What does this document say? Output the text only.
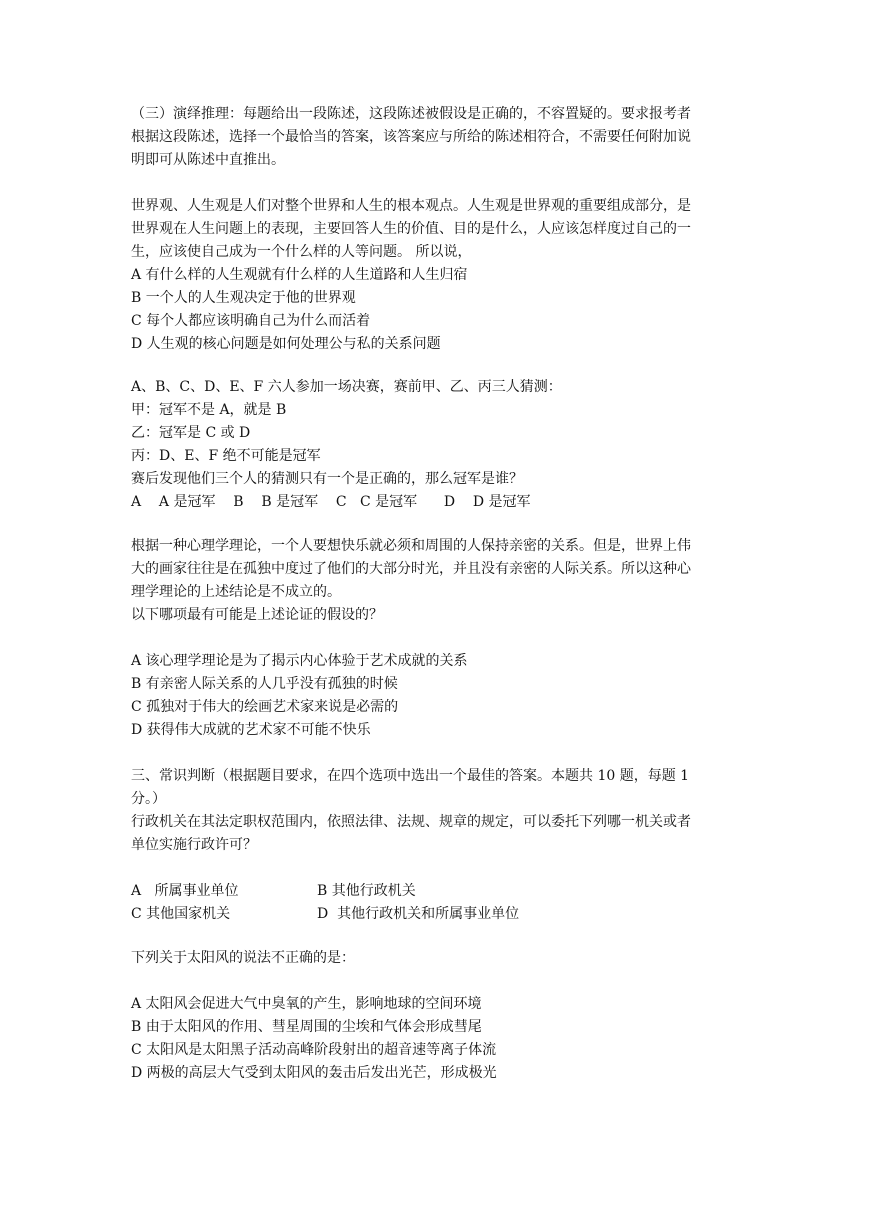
（三）演绎推理：每题给出一段陈述，这段陈述被假设是正确的，不容置疑的。要求报考者
根据这段陈述，选择一个最恰当的答案，该答案应与所给的陈述相符合，不需要任何附加说
明即可从陈述中直推出。
世界观、人生观是人们对整个世界和人生的根本观点。人生观是世界观的重要组成部分，是
世界观在人生问题上的表现，主要回答人生的价值、目的是什么，人应该怎样度过自己的一
生，应该使自己成为一个什么样的人等问题。 所以说，
A 有什么样的人生观就有什么样的人生道路和人生归宿
B 一个人的人生观决定于他的世界观
C 每个人都应该明确自己为什么而活着
D 人生观的核心问题是如何处理公与私的关系问题
A、B、C、D、E、F 六人参加一场决赛，赛前甲、乙、丙三人猜测：
甲：冠军不是 A，就是 B
乙：冠军是 C 或 D
丙：D、E、F 绝不可能是冠军
赛后发现他们三个人的猜测只有一个是正确的，那么冠军是谁？
A    A 是冠军    B    B 是冠军    C   C 是冠军      D    D 是冠军
根据一种心理学理论，一个人要想快乐就必须和周围的人保持亲密的关系。但是，世界上伟
大的画家往往是在孤独中度过了他们的大部分时光，并且没有亲密的人际关系。所以这种心
理学理论的上述结论是不成立的。
以下哪项最有可能是上述论证的假设的？
A 该心理学理论是为了揭示内心体验于艺术成就的关系
B 有亲密人际关系的人几乎没有孤独的时候
C 孤独对于伟大的绘画艺术家来说是必需的
D 获得伟大成就的艺术家不可能不快乐
三、常识判断（根据题目要求，在四个选项中选出一个最佳的答案。本题共 10 题，每题 1
分。）
行政机关在其法定职权范围内，依照法律、法规、规章的规定，可以委托下列哪一机关或者
单位实施行政许可？
A   所属事业单位	B 其他行政机关
C 其他国家机关	D  其他行政机关和所属事业单位
下列关于太阳风的说法不正确的是：
A 太阳风会促进大气中臭氧的产生，影响地球的空间环境
B 由于太阳风的作用、彗星周围的尘埃和气体会形成彗尾
C 太阳风是太阳黑子活动高峰阶段射出的超音速等离子体流
D 两极的高层大气受到太阳风的轰击后发出光芒，形成极光
